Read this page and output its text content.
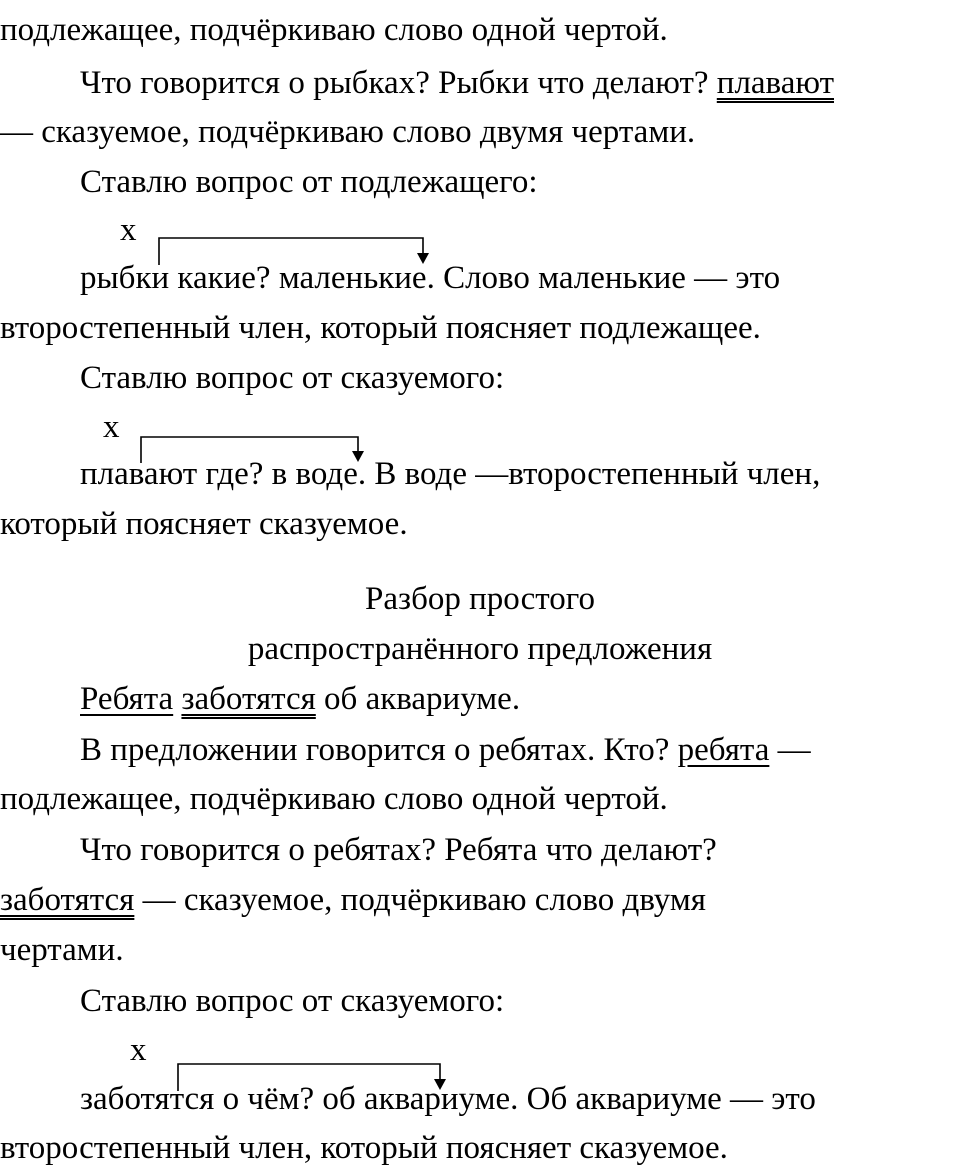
подлежащее, подчёркиваю слово одной чертой.
Что говорится о рыбках? Рыбки что делают? плавают
— сказуемое, подчёркиваю слово двумя чертами.
Ставлю вопрос от подлежащего:
х
рыбки какие? маленькие. Слово маленькие — это
второстепенный член, который поясняет подлежащее.
Ставлю вопрос от сказуемого:
х
плавают где? в воде. В воде —второстепенный член,
который поясняет сказуемое.
Разбор простого
распространённого предложения
Ребята заботятся об аквариуме.
В предложении говорится о ребятах. Кто? ребята —
подлежащее, подчёркиваю слово одной чертой.
Что говорится о ребятах? Ребята что делают?
заботятся — сказуемое, подчёркиваю слово двумя
чертами.
Ставлю вопрос от сказуемого:
х
заботятся о чём? об аквариуме. Об аквариуме — это
второстепенный член, который поясняет сказуемое.
